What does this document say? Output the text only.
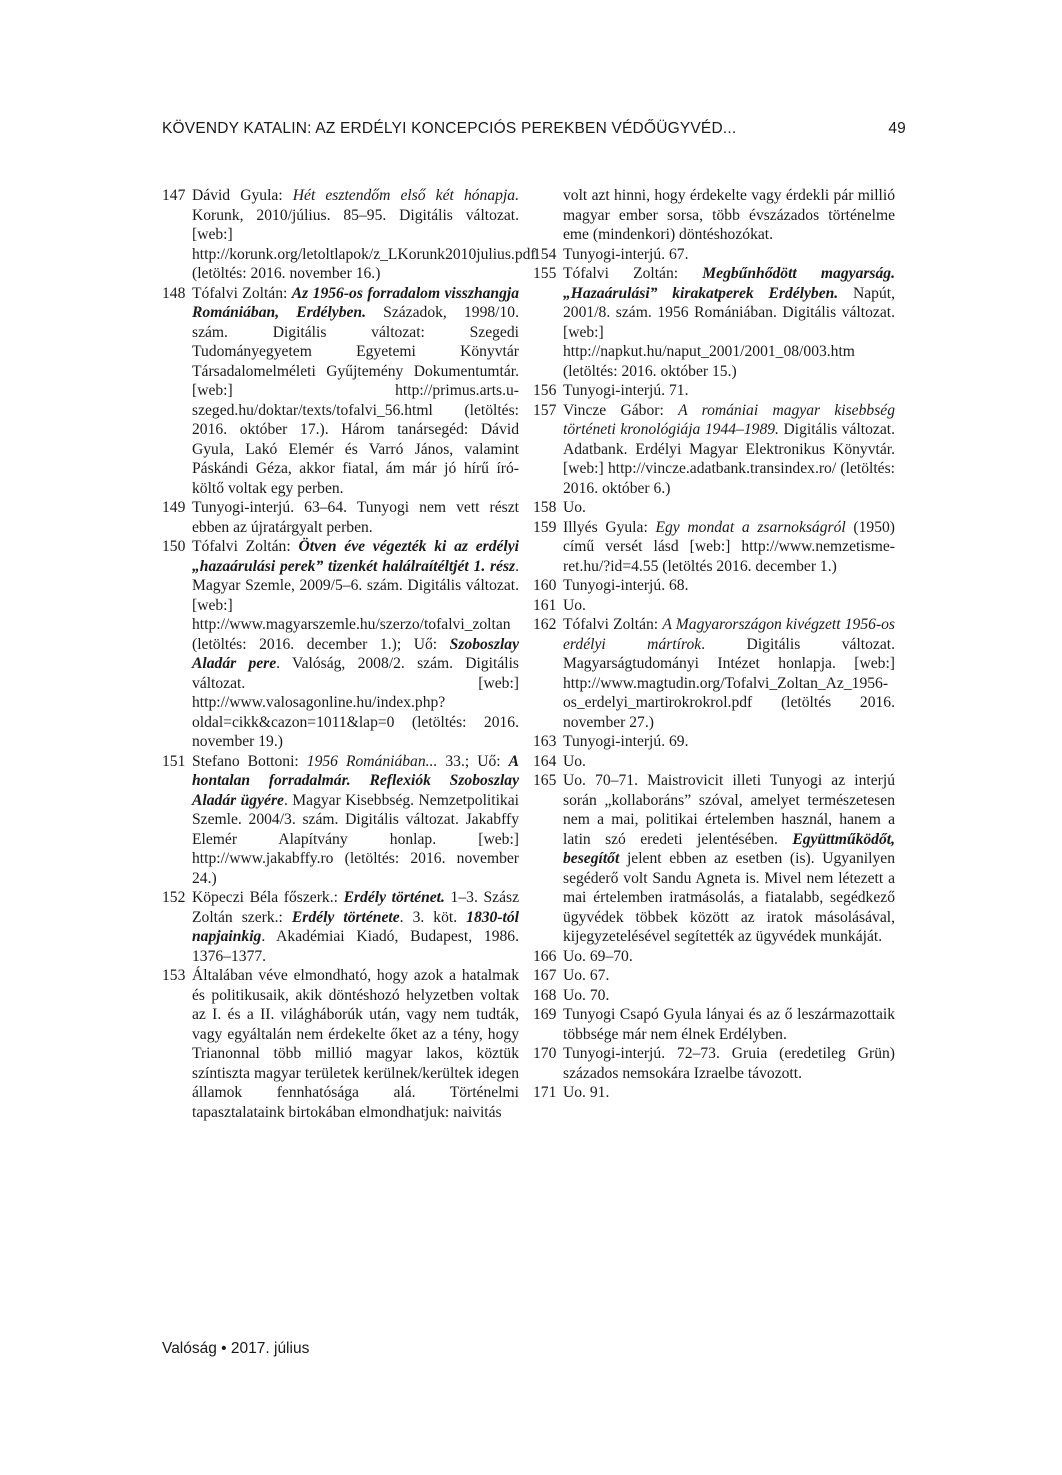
KÖVENDY KATALIN: AZ ERDÉLYI KONCEPCIÓS PEREKBEN VÉDŐÜGYVÉD...	49
147 Dávid Gyula: Hét esztendőm első két hónapja. Korunk, 2010/július. 85–95. Digitális változat. [web:] http://korunk.org/letoltlapok/z_LKorunk2010julius.pdf (letöltés: 2016. november 16.)
148 Tófalvi Zoltán: Az 1956-os forradalom visszhangja Romániában, Erdélyben. Századok, 1998/10. szám. Digitális változat: Szegedi Tudományegyetem Egyetemi Könyvtár Társadalomelméleti Gyűjtemény Dokumentumtár. [web:] http://primus.arts.u-szeged.hu/doktar/texts/tofalvi_56.html (letöltés: 2016. október 17.). Három tanársegéd: Dávid Gyula, Lakó Elemér és Varró János, valamint Páskándi Géza, akkor fiatal, ám már jó hírű író-költő voltak egy perben.
149 Tunyogi-interjú. 63–64. Tunyogi nem vett részt ebben az újratárgyalt perben.
150 Tófalvi Zoltán: Ötven éve végezték ki az erdélyi „hazaárulási perek” tizenkét halálraítéltjét 1. rész. Magyar Szemle, 2009/5–6. szám. Digitális változat. [web:] http://www.magyarszemle.hu/szerzo/tofalvi_zoltan (letöltés: 2016. december 1.); Uő: Szoboszlay Aladár pere. Valóság, 2008/2. szám. Digitális változat. [web:] http://www.valosagonline.hu/index.php?oldal=cikk&cazon=1011&lap=0 (letöltés: 2016. november 19.)
151 Stefano Bottoni: 1956 Romániában... 33.; Uő: A hontalan forradalmár. Reflexiók Szoboszlay Aladár ügyére. Magyar Kisebbség. Nemzetpolitikai Szemle. 2004/3. szám. Digitális változat. Jakabffy Elemér Alapítvány honlap. [web:] http://www.jakabffy.ro (letöltés: 2016. november 24.)
152 Köpeczi Béla főszerk.: Erdély történet. 1–3. Szász Zoltán szerk.: Erdély története. 3. köt. 1830-tól napjainkig. Akadémiai Kiadó, Budapest, 1986. 1376–1377.
153 Általában véve elmondható, hogy azok a hatalmak és politikusaik, akik döntéshozó helyzetben voltak az I. és a II. világháborúk után, vagy nem tudták, vagy egyáltalán nem érdekelte őket az a tény, hogy Trianonnal több millió magyar lakos, köztük színtiszta magyar területek kerülnek/kerültek idegen államok fennhatósága alá. Történelmi tapasztalataink birtokában elmondhatjuk: naivitás
volt azt hinni, hogy érdekelte vagy érdekli pár millió magyar ember sorsa, több évszázados történelme eme (mindenkori) döntéshozókat.
154 Tunyogi-interjú. 67.
155 Tófalvi Zoltán: Megbűnhődött magyarság. „Hazaárulási” kirakatperek Erdélyben. Napút, 2001/8. szám. 1956 Romániában. Digitális változat. [web:] http://napkut.hu/naput_2001/2001_08/003.htm (letöltés: 2016. október 15.)
156 Tunyogi-interjú. 71.
157 Vincze Gábor: A romániai magyar kisebbség történeti kronológiája 1944–1989. Digitális változat. Adatbank. Erdélyi Magyar Elektronikus Könyvtár. [web:] http://vincze.adatbank.transindex.ro/ (letöltés: 2016. október 6.)
158 Uo.
159 Illyés Gyula: Egy mondat a zsarnokságról (1950) című versét lásd [web:] http://www.nemzetisme-ret.hu/?id=4.55 (letöltés 2016. december 1.)
160 Tunyogi-interjú. 68.
161 Uo.
162 Tófalvi Zoltán: A Magyarországon kivégzett 1956-os erdélyi mártírok. Digitális változat. Magyarságtudományi Intézet honlapja. [web:] http://www.magtudin.org/Tofalvi_Zoltan_Az_1956-os_erdelyi_martirokrokrol.pdf (letöltés 2016. november 27.)
163 Tunyogi-interjú. 69.
164 Uo.
165 Uo. 70–71. Maistrovicit illeti Tunyogi az interjú során „kollaboráns” szóval, amelyet természetesen nem a mai, politikai értelemben használ, hanem a latin szó eredeti jelentésében. Együttműködőt, besegítőt jelent ebben az esetben (is). Ugyanilyen segéderő volt Sandu Agneta is. Mivel nem létezett a mai értelemben iratmásolás, a fiatalabb, segédkező ügyvédek többek között az iratok másolásával, kijegyzetelésével segítették az ügyvédek munkáját.
166 Uo. 69–70.
167 Uo. 67.
168 Uo. 70.
169 Tunyogi Csapó Gyula lányai és az ő leszármazottaik többsége már nem élnek Erdélyben.
170 Tunyogi-interjú. 72–73. Gruia (eredetileg Grün) százados nemsokára Izraelbe távozott.
171 Uo. 91.
Valóság • 2017. július
